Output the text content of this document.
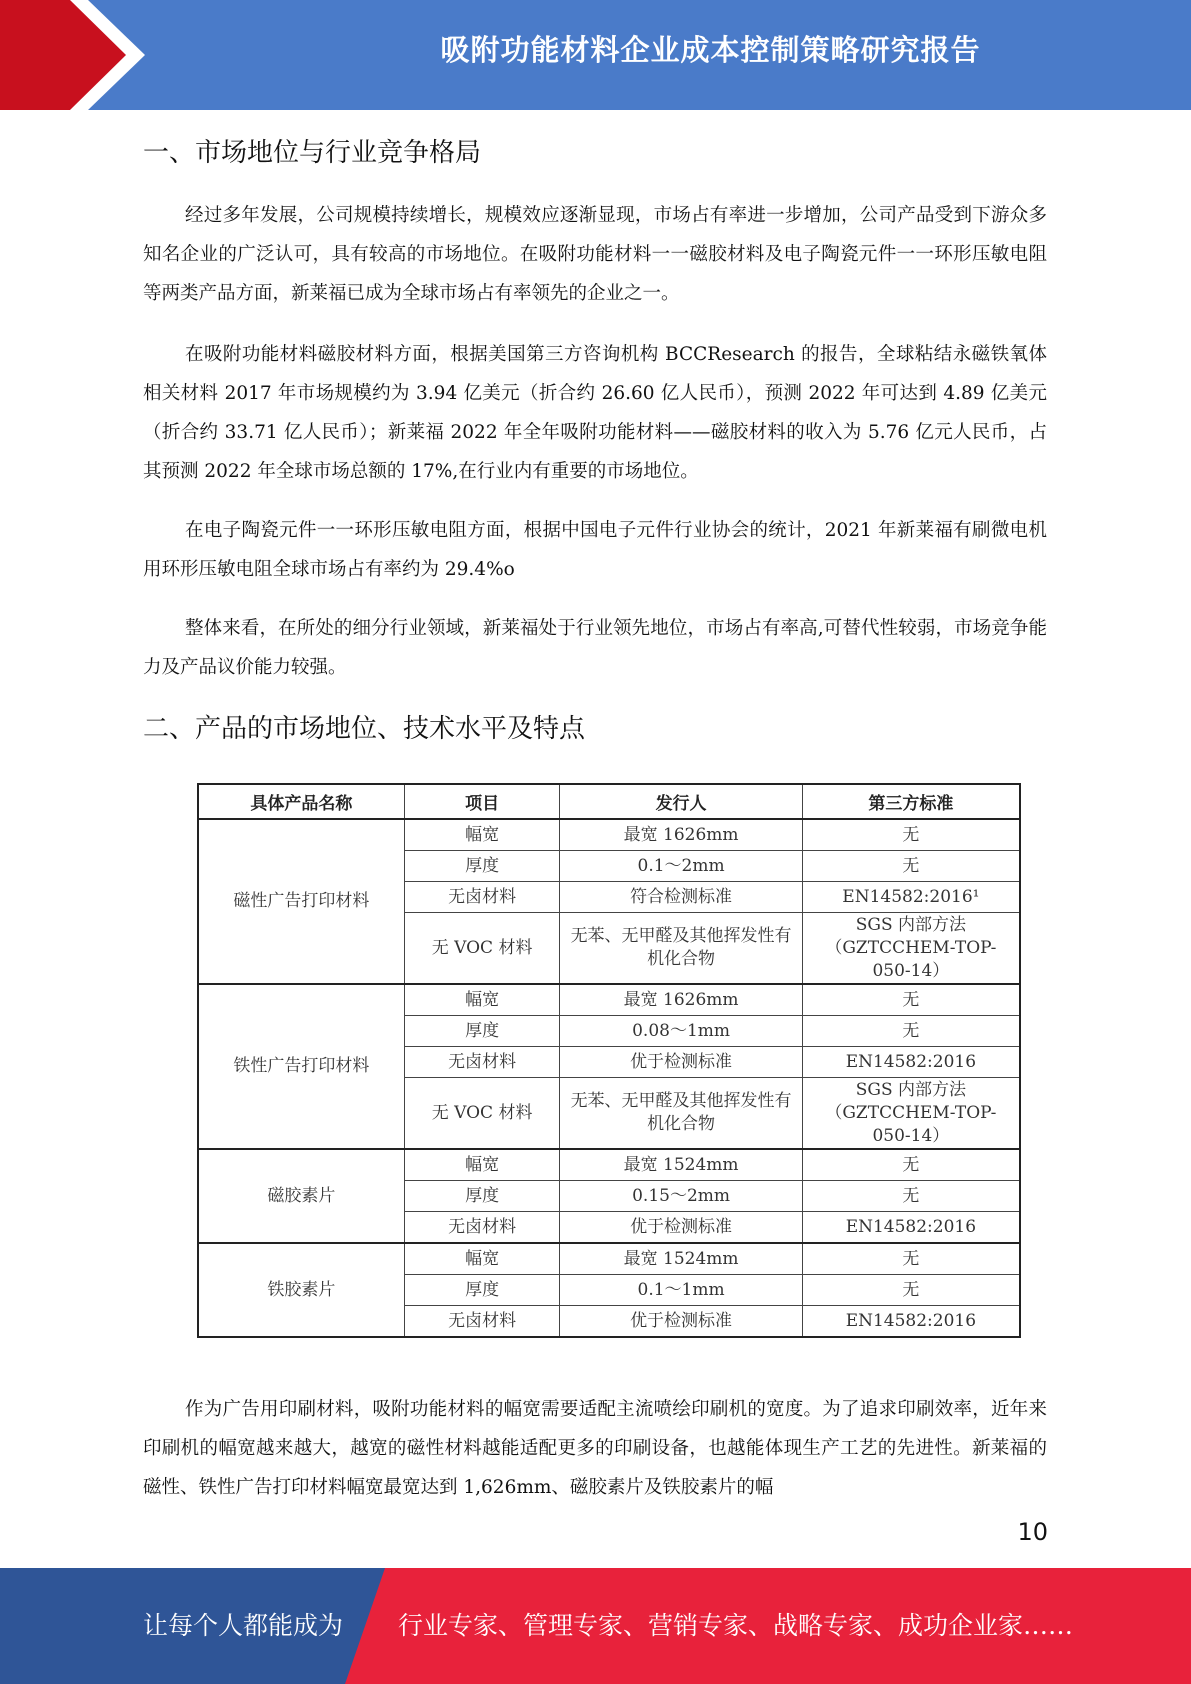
吸附功能材料企业成本控制策略研究报告
一、市场地位与行业竞争格局

经过多年发展，公司规模持续增长，规模效应逐渐显现，市场占有率进一步增加，公司产品受到下游众多知名企业的广泛认可，具有较高的市场地位。在吸附功能材料一一磁胶材料及电子陶瓷元件一一环形压敏电阻等两类产品方面，新莱福已成为全球市场占有率领先的企业之一。

在吸附功能材料磁胶材料方面，根据美国第三方咨询机构 BCCResearch 的报告，全球粘结永磁铁氧体相关材料 2017 年市场规模约为 3.94 亿美元（折合约 26.60 亿人民币），预测 2022 年可达到 4.89 亿美元（折合约 33.71 亿人民币）；新莱福 2022 年全年吸附功能材料——磁胶材料的收入为 5.76 亿元人民币，占其预测 2022 年全球市场总额的 17%,在行业内有重要的市场地位。

在电子陶瓷元件一一环形压敏电阻方面，根据中国电子元件行业协会的统计，2021 年新莱福有刷微电机用环形压敏电阻全球市场占有率约为 29.4%o

整体来看，在所处的细分行业领域，新莱福处于行业领先地位，市场占有率高,可替代性较弱，市场竞争能力及产品议价能力较强。

二、产品的市场地位、技术水平及特点
具体产品名称	项目	发行人	第三方标准
磁性广告打印材料	幅宽	最宽 1626mm	无
	厚度	0.1～2mm	无
	无卤材料	符合检测标准	EN14582:2016¹
	无 VOC 材料	无苯、无甲醛及其他挥发性有机化合物	SGS 内部方法（GZTCCHEM-TOP-050-14）
铁性广告打印材料	幅宽	最宽 1626mm	无
	厚度	0.08～1mm	无
	无卤材料	优于检测标准	EN14582:2016
	无 VOC 材料	无苯、无甲醛及其他挥发性有机化合物	SGS 内部方法（GZTCCHEM-TOP-050-14）
磁胶素片	幅宽	最宽 1524mm	无
	厚度	0.15～2mm	无
	无卤材料	优于检测标准	EN14582:2016
铁胶素片	幅宽	最宽 1524mm	无
	厚度	0.1～1mm	无
	无卤材料	优于检测标准	EN14582:2016

作为广告用印刷材料，吸附功能材料的幅宽需要适配主流喷绘印刷机的宽度。为了追求印刷效率，近年来印刷机的幅宽越来越大，越宽的磁性材料越能适配更多的印刷设备，也越能体现生产工艺的先进性。新莱福的磁性、铁性广告打印材料幅宽最宽达到 1,626mm、磁胶素片及铁胶素片的幅

10
让每个人都能成为 行业专家、管理专家、营销专家、战略专家、成功企业家……
